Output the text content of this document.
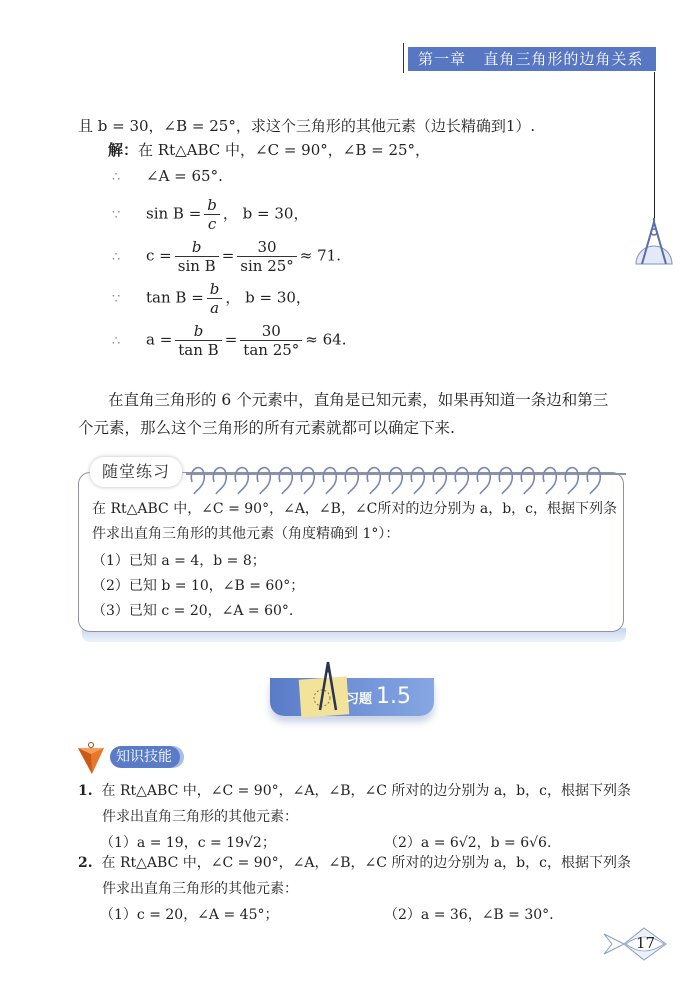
第一章 直角三角形的边角关系
且 b = 30，∠B = 25°，求这个三角形的其他元素（边长精确到1）.
解：在 Rt△ABC 中，∠C = 90°，∠B = 25°，
∴ ∠A = 65°.
∵ $\sin B = \frac{b}{c}$ ， b = 30，
∴ $c = \frac{b}{\text{sin B}} = \frac{30}{\sin 25^\circ} \approx 71$.
∵ $\tan B = \frac{b}{a}$ ， b = 30，
∴ $a = \frac{b}{\text{tan B}} = \frac{30}{\tan 25^\circ} \approx 64$.
在直角三角形的 6 个元素中，直角是已知元素，如果再知道一条边和第三
个元素，那么这个三角形的所有元素就都可以确定下来.
随堂练习
在 Rt△ABC 中，∠C = 90°，∠A，∠B，∠C所对的边分别为 a，b，c，根据下列条
件求出直角三角形的其他元素（角度精确到 1°）：
（1）已知 a = 4，b = 8；
（2）已知 b = 10，∠B = 60°；
（3）已知 c = 20，∠A = 60°.
习题 1.5
知识技能
1. 在 Rt△ABC 中，∠C = 90°，∠A，∠B，∠C 所对的边分别为 a，b，c，根据下列条
件求出直角三角形的其他元素：
（1）a = 19，c = 19√2；	（2）a = 6√2，b = 6√6.
2. 在 Rt△ABC 中，∠C = 90°，∠A，∠B，∠C 所对的边分别为 a，b，c，根据下列条
件求出直角三角形的其他元素：
（1）c = 20，∠A = 45°；	（2）a = 36，∠B = 30°.
17
